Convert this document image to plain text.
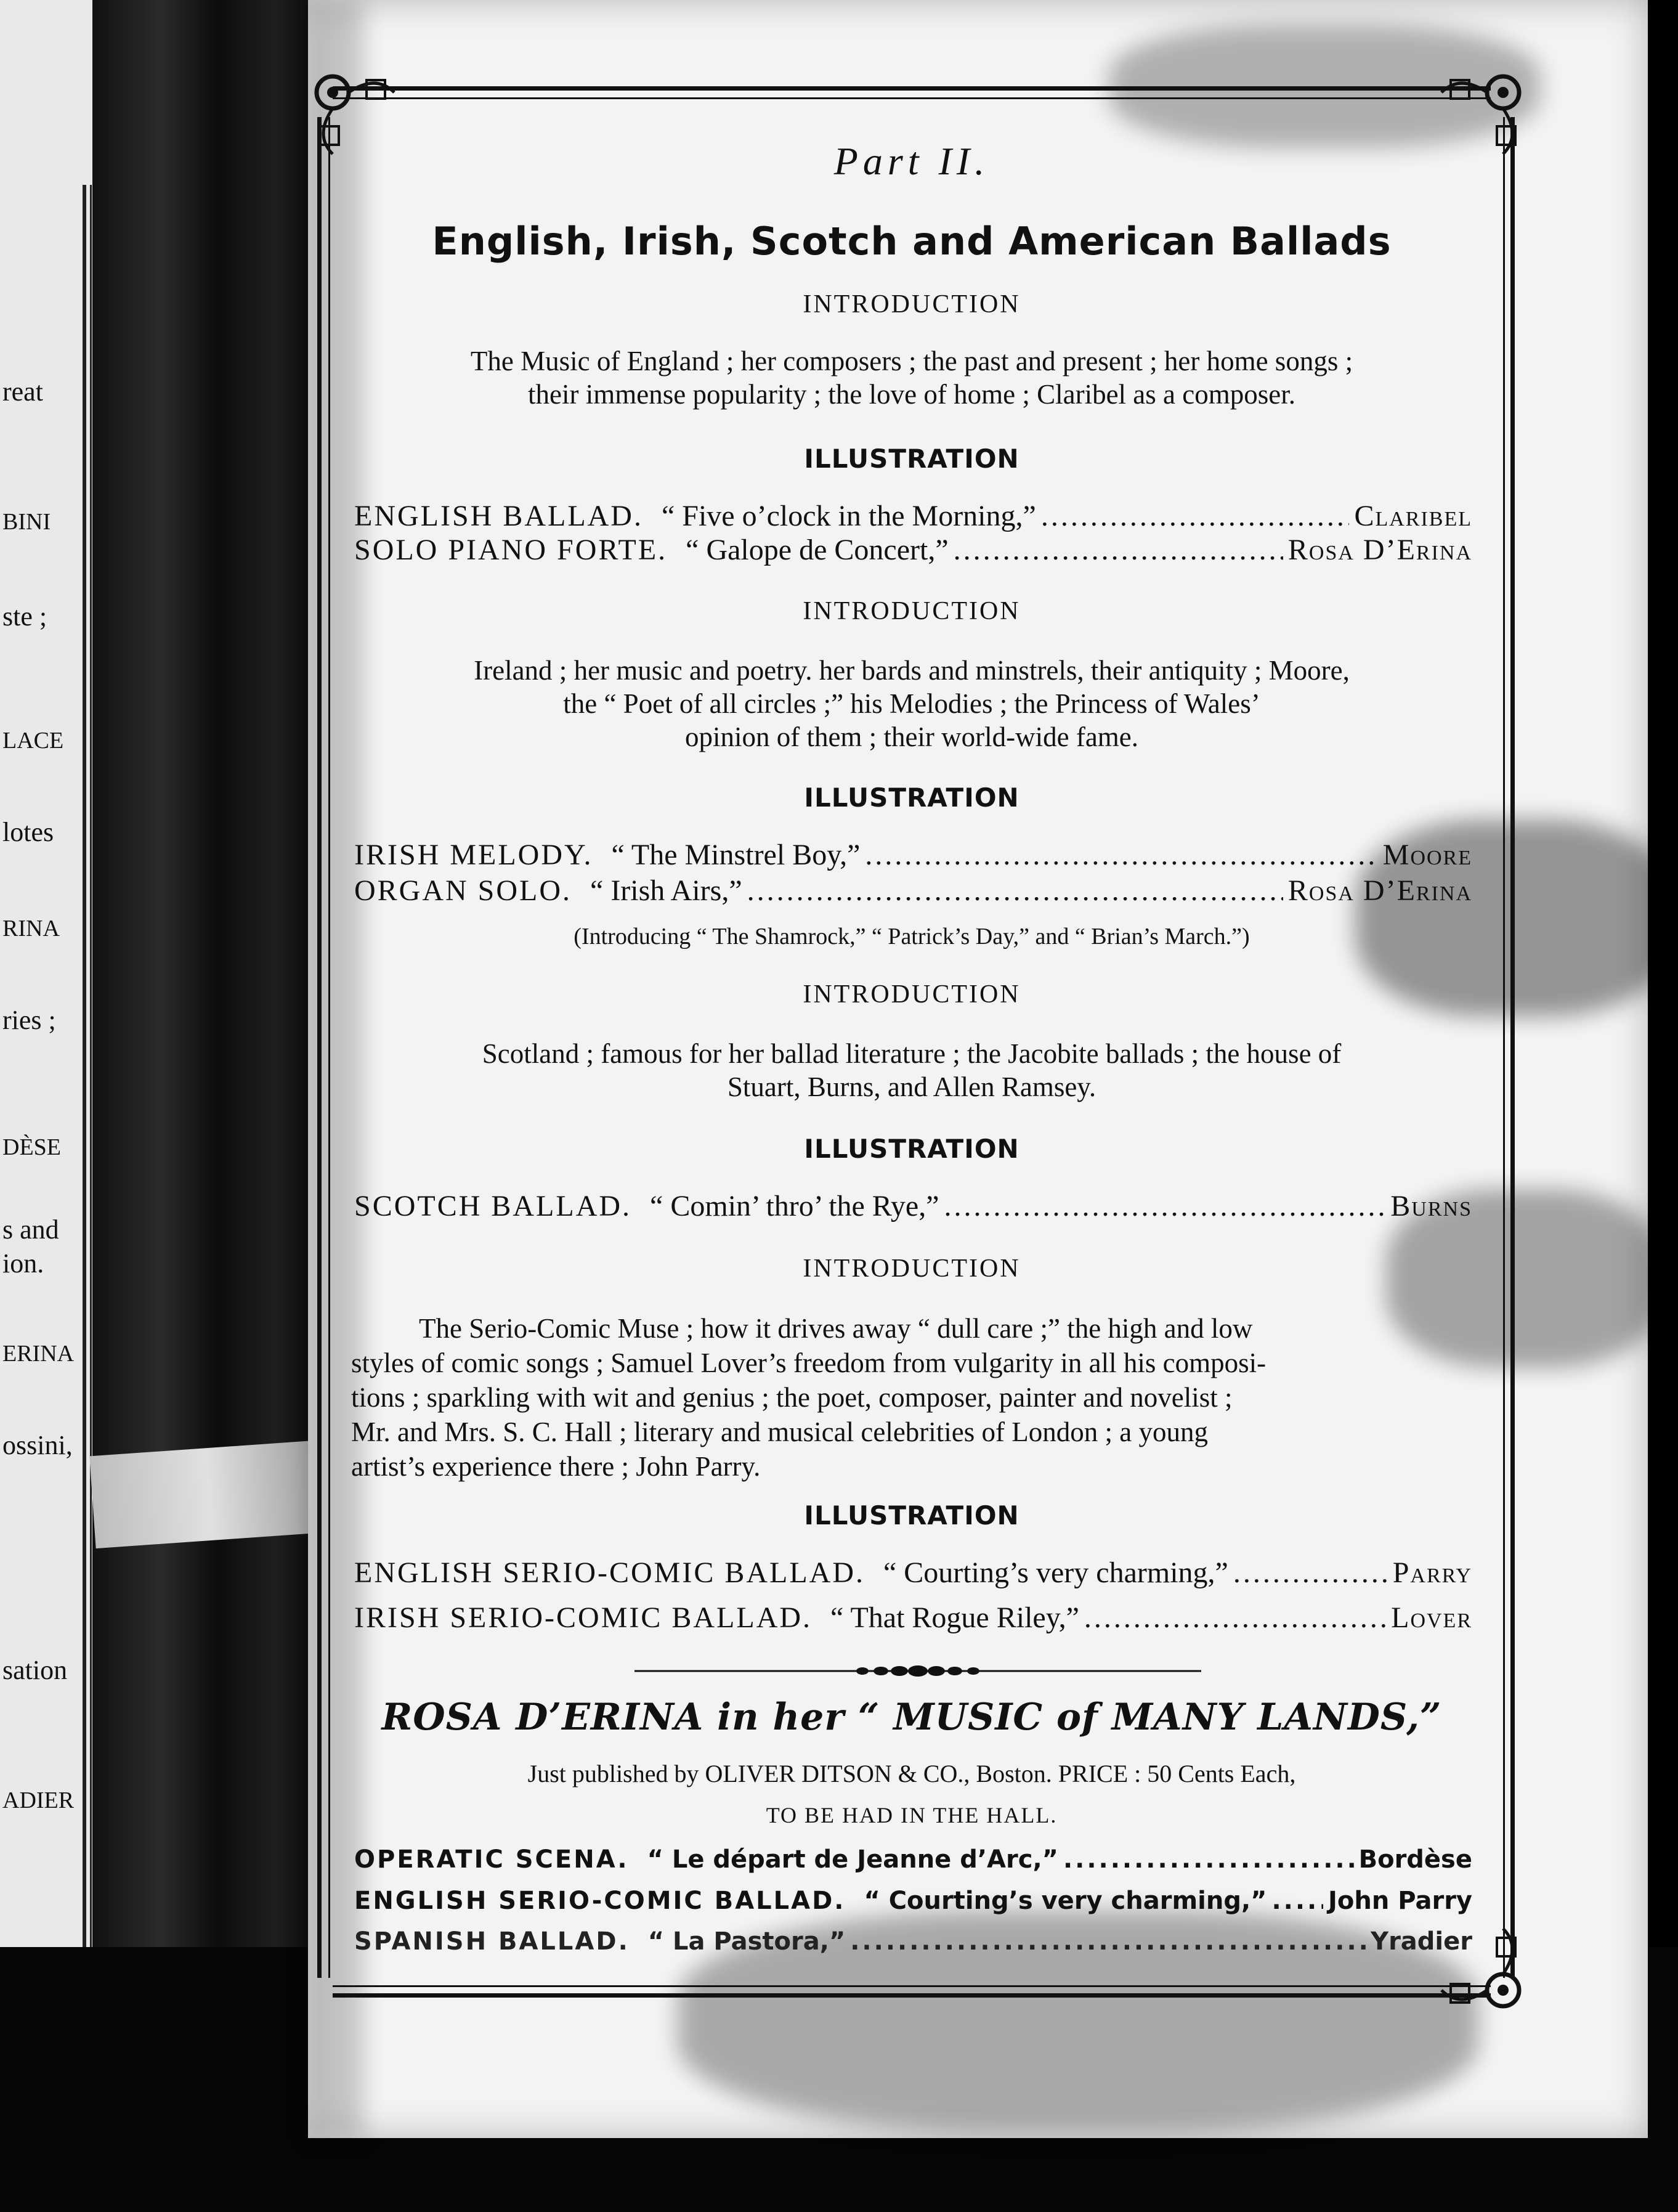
reat
BINI
ste ;
LACE
lotes
RINA
ries ;
DÈSE
s and
ion.
ERINA
ossini,
sation
ADIER
Part II.
English, Irish, Scotch and American Ballads
INTRODUCTION
The Music of England ; her composers ; the past and present ; her home songs ;
their immense popularity ; the love of home ; Claribel as a composer.
ILLUSTRATION
ENGLISH BALLAD. “ Five o’clock in the Morning,” .....	Claribel
SOLO PIANO FORTE. “ Galope de Concert,” .....	Rosa D’Erina
INTRODUCTION
Ireland ; her music and poetry. her bards and minstrels, their antiquity ; Moore,
the “ Poet of all circles ;” his Melodies ; the Princess of Wales’
opinion of them ; their world-wide fame.
ILLUSTRATION
IRISH MELODY. “ The Minstrel Boy,” .....	Moore
ORGAN SOLO. “ Irish Airs,” .....	Rosa D’Erina
(Introducing “ The Shamrock,” “ Patrick’s Day,” and “ Brian’s March.”)
INTRODUCTION
Scotland ; famous for her ballad literature ; the Jacobite ballads ; the house of
Stuart, Burns, and Allen Ramsey.
ILLUSTRATION
SCOTCH BALLAD. “ Comin’ thro’ the Rye,” .....	Burns
INTRODUCTION
The Serio-Comic Muse ; how it drives away “ dull care ;” the high and low
styles of comic songs ; Samuel Lover’s freedom from vulgarity in all his composi-
tions ; sparkling with wit and genius ; the poet, composer, painter and novelist ;
Mr. and Mrs. S. C. Hall ; literary and musical celebrities of London ; a young
artist’s experience there ; John Parry.
ILLUSTRATION
ENGLISH SERIO-COMIC BALLAD. “ Courting’s very charming,” .....	Parry
IRISH SERIO-COMIC BALLAD. “ That Rogue Riley,” .....	Lover
ROSA D’ERINA in her “ MUSIC of MANY LANDS,”
Just published by OLIVER DITSON & CO., Boston. PRICE : 50 Cents Each,
TO BE HAD IN THE HALL.
OPERATIC SCENA. “ Le départ de Jeanne d’Arc,” .....	Bordèse
ENGLISH SERIO-COMIC BALLAD. “ Courting’s very charming,” ..... John Parry
SPANISH BALLAD. “ La Pastora,” .....	Yradier
